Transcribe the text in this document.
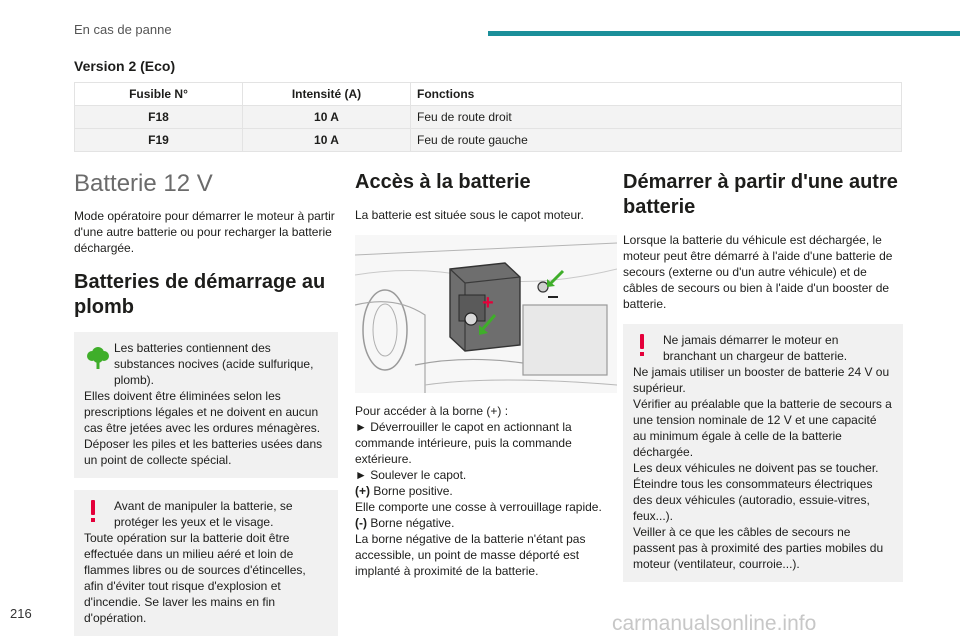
En cas de panne
Version 2 (Eco)
Fusible N°	Intensité (A)	Fonctions
F18	10 A	Feu de route droit
F19	10 A	Feu de route gauche
Batterie 12 V

Mode opératoire pour démarrer le moteur à partir d'une autre batterie ou pour recharger la batterie déchargée.

Batteries de démarrage au plomb

Les batteries contiennent des substances nocives (acide sulfurique, plomb).

Elles doivent être éliminées selon les prescriptions légales et ne doivent en aucun cas être jetées avec les ordures ménagères. Déposer les piles et les batteries usées dans un point de collecte spécial.

Avant de manipuler la batterie, se protéger les yeux et le visage.

Toute opération sur la batterie doit être effectuée dans un milieu aéré et loin de flammes libres ou de sources d'étincelles, afin d'éviter tout risque d'explosion et d'incendie. Se laver les mains en fin d'opération.

Accès à la batterie

La batterie est située sous le capot moteur.

+

Pour accéder à la borne (+) :

► Déverrouiller le capot en actionnant la commande intérieure, puis la commande extérieure.

► Soulever le capot.

(+) Borne positive.

Elle comporte une cosse à verrouillage rapide.

(-) Borne négative.

La borne négative de la batterie n'étant pas accessible, un point de masse déporté est implanté à proximité de la batterie.

Démarrer à partir d'une autre batterie

Lorsque la batterie du véhicule est déchargée, le moteur peut être démarré à l'aide d'une batterie de secours (externe ou d'un autre véhicule) et de câbles de secours ou bien à l'aide d'un booster de batterie.

Ne jamais démarrer le moteur en branchant un chargeur de batterie.

Ne jamais utiliser un booster de batterie 24 V ou supérieur.

Vérifier au préalable que la batterie de secours a une tension nominale de 12 V et une capacité au minimum égale à celle de la batterie déchargée.

Les deux véhicules ne doivent pas se toucher.

Éteindre tous les consommateurs électriques des deux véhicules (autoradio, essuie-vitres, feux...).

Veiller à ce que les câbles de secours ne passent pas à proximité des parties mobiles du moteur (ventilateur, courroie...).

216	carmanualsonline.info
